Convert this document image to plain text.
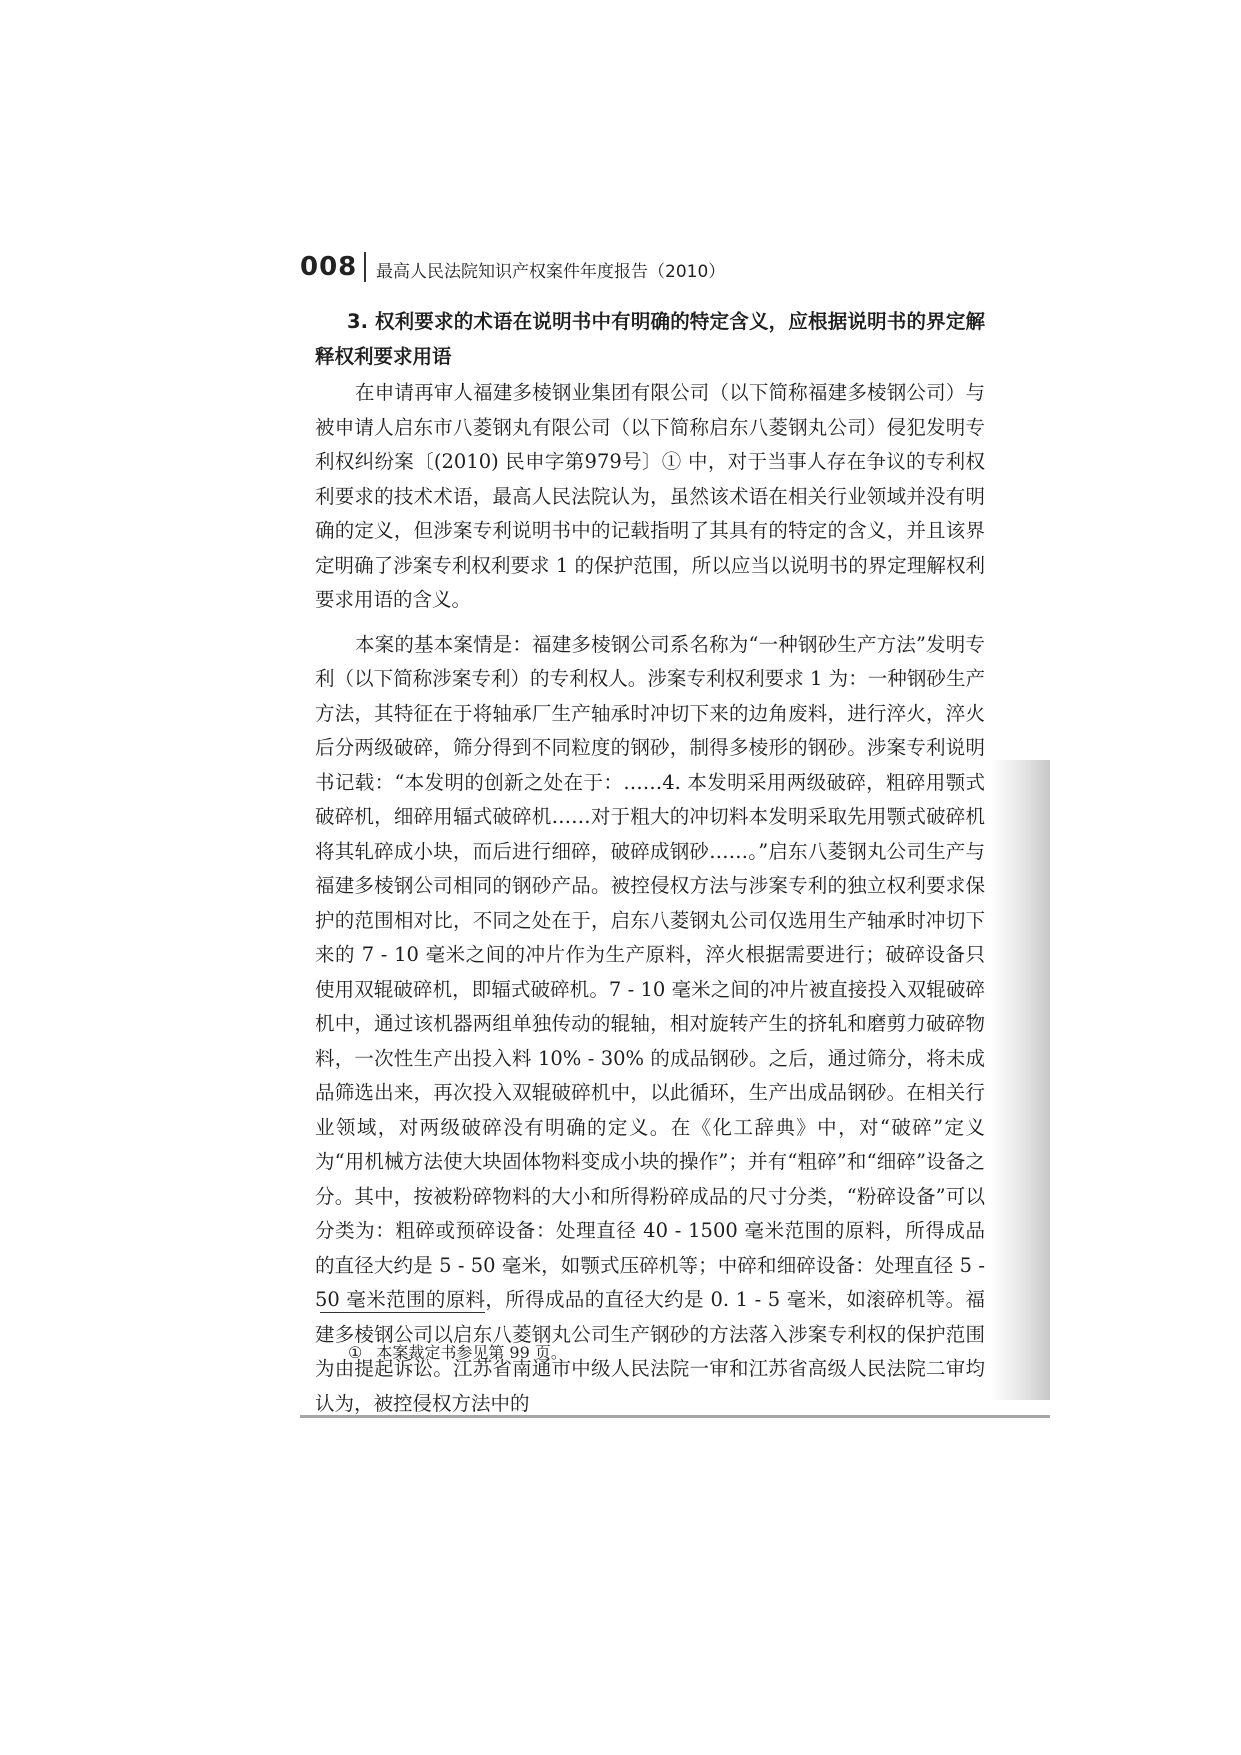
008 最高人民法院知识产权案件年度报告（2010）

3. 权利要求的术语在说明书中有明确的特定含义，应根据说明书的界定解释权利要求用语

在申请再审人福建多棱钢业集团有限公司（以下简称福建多棱钢公司）与被申请人启东市八菱钢丸有限公司（以下简称启东八菱钢丸公司）侵犯发明专利权纠纷案〔(2010) 民申字第979号〕① 中，对于当事人存在争议的专利权利要求的技术术语，最高人民法院认为，虽然该术语在相关行业领域并没有明确的定义，但涉案专利说明书中的记载指明了其具有的特定的含义，并且该界定明确了涉案专利权利要求 1 的保护范围，所以应当以说明书的界定理解权利要求用语的含义。

本案的基本案情是：福建多棱钢公司系名称为“一种钢砂生产方法”发明专利（以下简称涉案专利）的专利权人。涉案专利权利要求 1 为：一种钢砂生产方法，其特征在于将轴承厂生产轴承时冲切下来的边角废料，进行淬火，淬火后分两级破碎，筛分得到不同粒度的钢砂，制得多棱形的钢砂。涉案专利说明书记载：“本发明的创新之处在于：……4. 本发明采用两级破碎，粗碎用颚式破碎机，细碎用辐式破碎机……对于粗大的冲切料本发明采取先用颚式破碎机将其轧碎成小块，而后进行细碎，破碎成钢砂……。”启东八菱钢丸公司生产与福建多棱钢公司相同的钢砂产品。被控侵权方法与涉案专利的独立权利要求保护的范围相对比，不同之处在于，启东八菱钢丸公司仅选用生产轴承时冲切下来的 7 - 10 毫米之间的冲片作为生产原料，淬火根据需要进行；破碎设备只使用双辊破碎机，即辐式破碎机。7 - 10 毫米之间的冲片被直接投入双辊破碎机中，通过该机器两组单独传动的辊轴，相对旋转产生的挤轧和磨剪力破碎物料，一次性生产出投入料 10% - 30% 的成品钢砂。之后，通过筛分，将未成品筛选出来，再次投入双辊破碎机中，以此循环，生产出成品钢砂。在相关行业领域，对两级破碎没有明确的定义。在《化工辞典》中，对“破碎”定义为“用机械方法使大块固体物料变成小块的操作”；并有“粗碎”和“细碎”设备之分。其中，按被粉碎物料的大小和所得粉碎成品的尺寸分类，“粉碎设备”可以分类为：粗碎或预碎设备：处理直径 40 - 1500 毫米范围的原料，所得成品的直径大约是 5 - 50 毫米，如颚式压碎机等；中碎和细碎设备：处理直径 5 - 50 毫米范围的原料，所得成品的直径大约是 0. 1 - 5 毫米，如滚碎机等。福建多棱钢公司以启东八菱钢丸公司生产钢砂的方法落入涉案专利权的保护范围为由提起诉讼。江苏省南通市中级人民法院一审和江苏省高级人民法院二审均认为，被控侵权方法中的

① 本案裁定书参见第 99 页。
